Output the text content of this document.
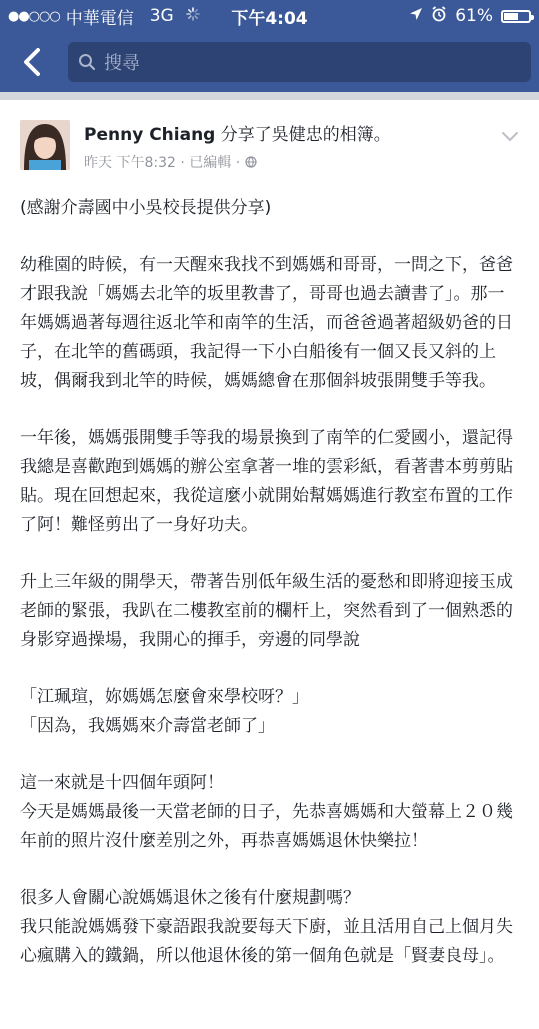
●●○○○ 中華電信 3G	下午4:04	61%
搜尋
Penny Chiang 分享了吳健忠的相簿。
昨天 下午8:32 · 已編輯 ·

(感謝介壽國中小吳校長提供分享)

幼稚園的時候，有一天醒來我找不到媽媽和哥哥，一問之下，爸爸才跟我說「媽媽去北竿的坂里教書了，哥哥也過去讀書了」。那一年媽媽過著每週往返北竿和南竿的生活，而爸爸過著超級奶爸的日子，在北竿的舊碼頭，我記得一下小白船後有一個又長又斜的上坡，偶爾我到北竿的時候，媽媽總會在那個斜坡張開雙手等我。

一年後，媽媽張開雙手等我的場景換到了南竿的仁愛國小，還記得我總是喜歡跑到媽媽的辦公室拿著一堆的雲彩紙，看著書本剪剪貼貼。現在回想起來，我從這麼小就開始幫媽媽進行教室布置的工作了阿！難怪剪出了一身好功夫。

升上三年級的開學天，帶著告別低年級生活的憂愁和即將迎接玉成老師的緊張，我趴在二樓教室前的欄杆上，突然看到了一個熟悉的身影穿過操場，我開心的揮手，旁邊的同學說

「江珮瑄，妳媽媽怎麼會來學校呀？」
「因為，我媽媽來介壽當老師了」

這一來就是十四個年頭阿！
今天是媽媽最後一天當老師的日子，先恭喜媽媽和大螢幕上２０幾年前的照片沒什麼差別之外，再恭喜媽媽退休快樂拉！

很多人會關心說媽媽退休之後有什麼規劃嗎？
我只能說媽媽發下豪語跟我說要每天下廚，並且活用自己上個月失心瘋購入的鐵鍋，所以他退休後的第一個角色就是「賢妻良母」。
